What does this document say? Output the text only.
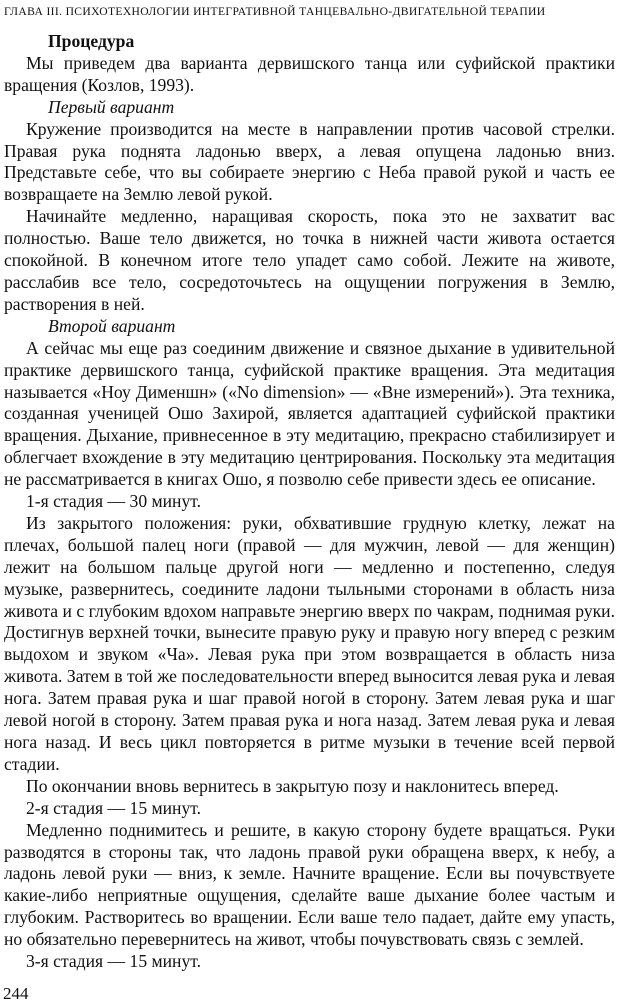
ГЛАВА III. ПСИХОТЕХНОЛОГИИ ИНТЕГРАТИВНОЙ ТАНЦЕВАЛЬНО-ДВИГАТЕЛЬНОЙ ТЕРАПИИ

Процедура

Мы приведем два варианта дервишского танца или суфийской практики вращения (Козлов, 1993).

Первый вариант

Кружение производится на месте в направлении против часовой стрелки. Правая рука поднята ладонью вверх, а левая опущена ладонью вниз. Представьте себе, что вы собираете энергию с Неба правой рукой и часть ее возвращаете на Землю левой рукой.

Начинайте медленно, наращивая скорость, пока это не захватит вас полностью. Ваше тело движется, но точка в нижней части живота остается спокойной. В конечном итоге тело упадет само собой. Лежите на животе, расслабив все тело, сосредоточьтесь на ощущении погружения в Землю, растворения в ней.

Второй вариант

А сейчас мы еще раз соединим движение и связное дыхание в удивительной практике дервишского танца, суфийской практике вращения. Эта медитация называется «Ноу Дименшн» («No dimension» — «Вне измерений»). Эта техника, созданная ученицей Ошо Захирой, является адаптацией суфийской практики вращения. Дыхание, привнесенное в эту медитацию, прекрасно стабилизирует и облегчает вхождение в эту медитацию центрирования. Поскольку эта медитация не рассматривается в книгах Ошо, я позволю себе привести здесь ее описание.

1-я стадия — 30 минут.

Из закрытого положения: руки, обхватившие грудную клетку, лежат на плечах, большой палец ноги (правой — для мужчин, левой — для женщин) лежит на большом пальце другой ноги — медленно и постепенно, следуя музыке, развернитесь, соедините ладони тыльными сторонами в область низа живота и с глубоким вдохом направьте энергию вверх по чакрам, поднимая руки. Достигнув верхней точки, вынесите правую руку и правую ногу вперед с резким выдохом и звуком «Ча». Левая рука при этом возвращается в область низа живота. Затем в той же последовательности вперед выносится левая рука и левая нога. Затем правая рука и шаг правой ногой в сторону. Затем левая рука и шаг левой ногой в сторону. Затем правая рука и нога назад. Затем левая рука и левая нога назад. И весь цикл повторяется в ритме музыки в течение всей первой стадии.

По окончании вновь вернитесь в закрытую позу и наклонитесь вперед.

2-я стадия — 15 минут.

Медленно поднимитесь и решите, в какую сторону будете вращаться. Руки разводятся в стороны так, что ладонь правой руки обращена вверх, к небу, а ладонь левой руки — вниз, к земле. Начните вращение. Если вы почувствуете какие-либо неприятные ощущения, сделайте ваше дыхание более частым и глубоким. Растворитесь во вращении. Если ваше тело падает, дайте ему упасть, но обязательно перевернитесь на живот, чтобы почувствовать связь с землей.

3-я стадия — 15 минут.

244
